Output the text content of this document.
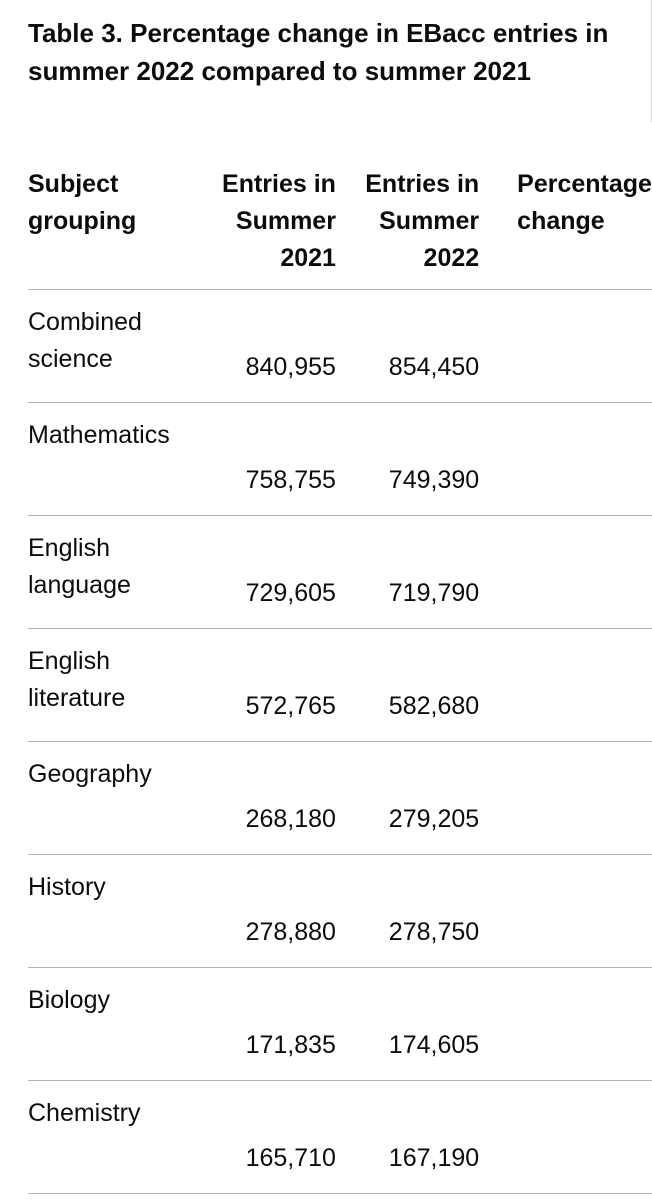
Table 3. Percentage change in EBacc entries in summer 2022 compared to summer 2021
Subject grouping	Entries in Summer 2021	Entries in Summer 2022	Percentage change
Combined science	840,955	854,450	
Mathematics	758,755	749,390	
English language	729,605	719,790	
English literature	572,765	582,680	
Geography	268,180	279,205	
History	278,880	278,750	
Biology	171,835	174,605	
Chemistry	165,710	167,190	
